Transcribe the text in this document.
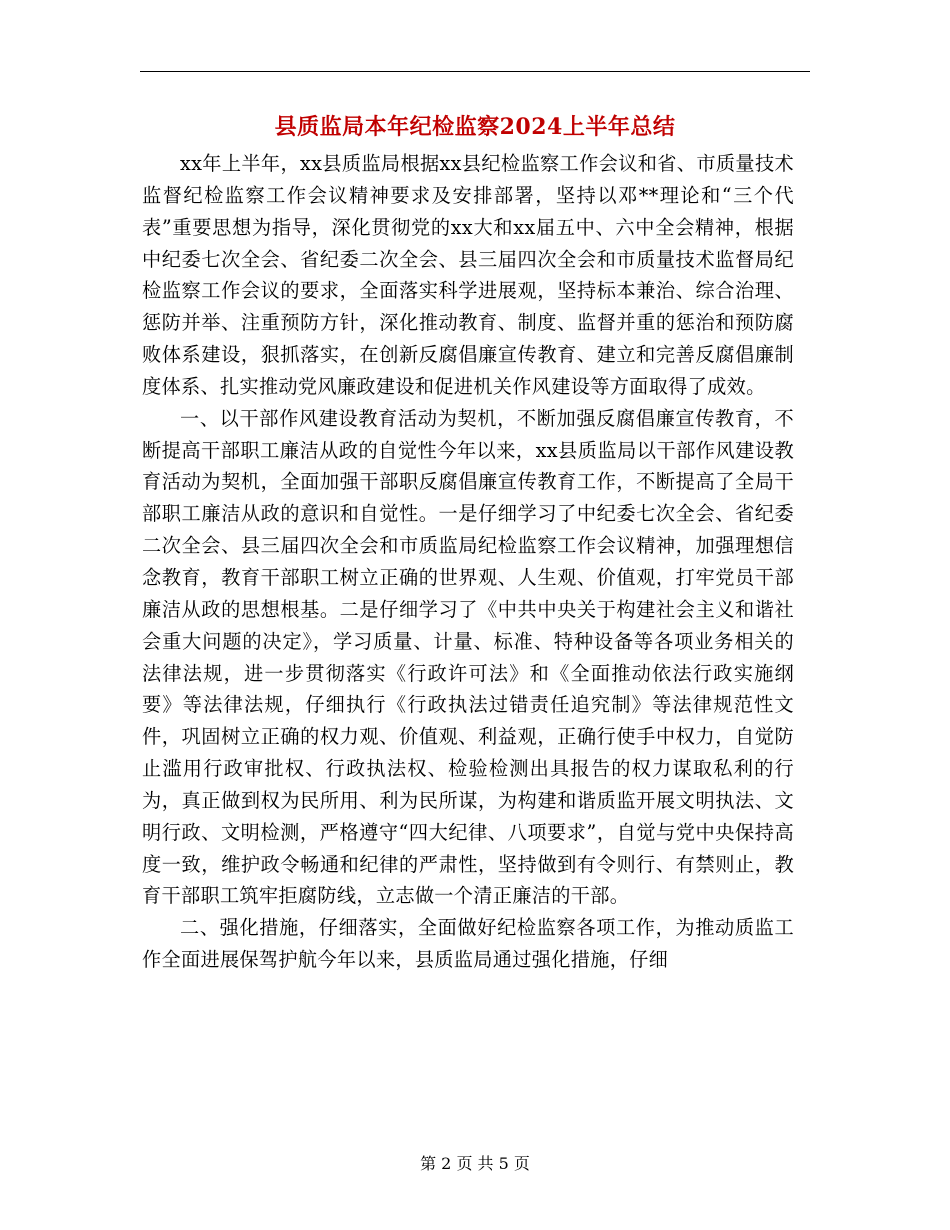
县质监局本年纪检监察2024上半年总结

xx年上半年，xx县质监局根据xx县纪检监察工作会议和省、市质量技术监督纪检监察工作会议精神要求及安排部署，坚持以邓**理论和“三个代表”重要思想为指导，深化贯彻党的xx大和xx届五中、六中全会精神，根据中纪委七次全会、省纪委二次全会、县三届四次全会和市质量技术监督局纪检监察工作会议的要求，全面落实科学进展观，坚持标本兼治、综合治理、惩防并举、注重预防方针，深化推动教育、制度、监督并重的惩治和预防腐败体系建设，狠抓落实，在创新反腐倡廉宣传教育、建立和完善反腐倡廉制度体系、扎实推动党风廉政建设和促进机关作风建设等方面取得了成效。

一、以干部作风建设教育活动为契机，不断加强反腐倡廉宣传教育，不断提高干部职工廉洁从政的自觉性今年以来，xx县质监局以干部作风建设教育活动为契机，全面加强干部职反腐倡廉宣传教育工作，不断提高了全局干部职工廉洁从政的意识和自觉性。一是仔细学习了中纪委七次全会、省纪委二次全会、县三届四次全会和市质监局纪检监察工作会议精神，加强理想信念教育，教育干部职工树立正确的世界观、人生观、价值观，打牢党员干部廉洁从政的思想根基。二是仔细学习了《中共中央关于构建社会主义和谐社会重大问题的决定》，学习质量、计量、标准、特种设备等各项业务相关的法律法规，进一步贯彻落实《行政许可法》和《全面推动依法行政实施纲要》等法律法规，仔细执行《行政执法过错责任追究制》等法律规范性文件，巩固树立正确的权力观、价值观、利益观，正确行使手中权力，自觉防止滥用行政审批权、行政执法权、检验检测出具报告的权力谋取私利的行为，真正做到权为民所用、利为民所谋，为构建和谐质监开展文明执法、文明行政、文明检测，严格遵守“四大纪律、八项要求”，自觉与党中央保持高度一致，维护政令畅通和纪律的严肃性，坚持做到有令则行、有禁则止，教育干部职工筑牢拒腐防线，立志做一个清正廉洁的干部。

二、强化措施，仔细落实，全面做好纪检监察各项工作，为推动质监工作全面进展保驾护航今年以来，县质监局通过强化措施，仔细

第 2 页 共 5 页
